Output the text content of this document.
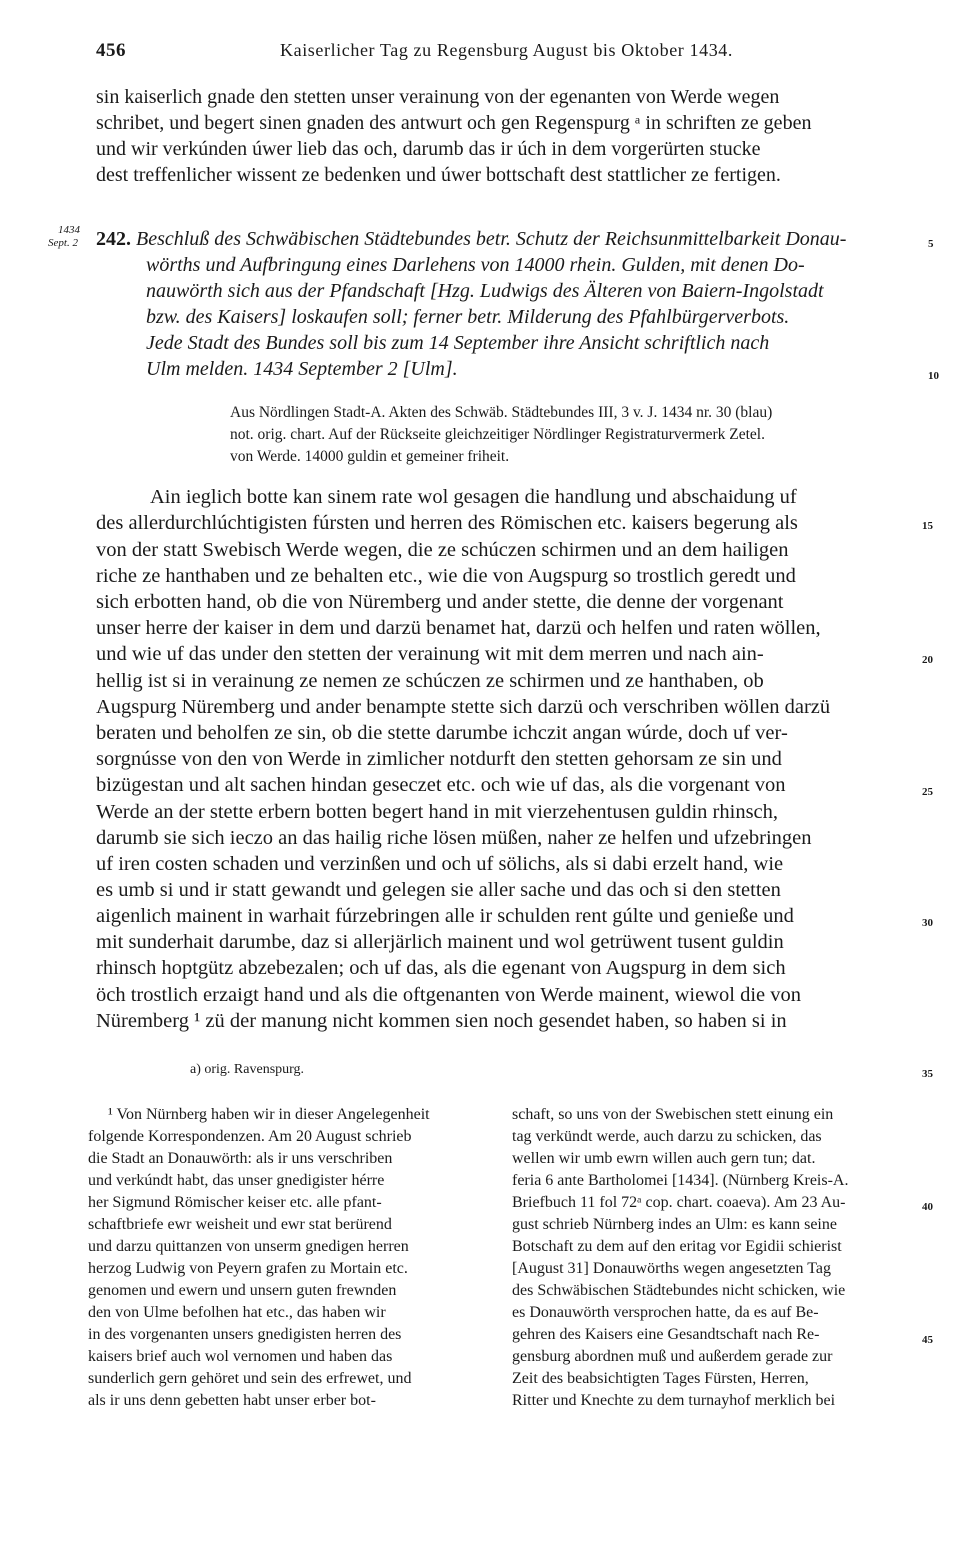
456	Kaiserlicher Tag zu Regensburg August bis Oktober 1434.
sin kaiserlich gnade den stetten unser verainung von der egenanten von Werde wegen
schribet, und begert sinen gnaden des antwurt och gen Regenspurg ᵃ in schriften ze geben
und wir verkúnden úwer lieb das och, darumb das ir úch in dem vorgerürten stucke
dest treffenlicher wissent ze bedenken und úwer bottschaft dest stattlicher ze fertigen.
1434
Sept. 2 242. Beschluß des Schwäbischen Städtebundes betr. Schutz der Reichsunmittelbarkeit Donau-
wörths und Aufbringung eines Darlehens von 14000 rhein. Gulden, mit denen Do-
nauwörth sich aus der Pfandschaft [Hzg. Ludwigs des Älteren von Baiern-Ingolstadt
bzw. des Kaisers] loskaufen soll; ferner betr. Milderung des Pfahlbürgerverbots.
Jede Stadt des Bundes soll bis zum 14 September ihre Ansicht schriftlich nach
Ulm melden. 1434 September 2 [Ulm].
Aus Nördlingen Stadt-A. Akten des Schwäb. Städtebundes III, 3 v. J. 1434 nr. 30 (blau)
not. orig. chart. Auf der Rückseite gleichzeitiger Nördlinger Registraturvermerk Zetel.
von Werde. 14000 guldin et gemeiner friheit.
Ain ieglich botte kan sinem rate wol gesagen die handlung und abschaidung uf
des allerdurchlúchtigisten fúrsten und herren des Römischen etc. kaisers begerung als
von der statt Swebisch Werde wegen, die ze schúczen schirmen und an dem hailigen
riche ze hanthaben und ze behalten etc., wie die von Augspurg so trostlich geredt und
sich erbotten hand, ob die von Nüremberg und ander stette, die denne der vorgenant
unser herre der kaiser in dem und darzü benamet hat, darzü och helfen und raten wöllen,
und wie uf das under den stetten der verainung wit mit dem merren und nach ain-
hellig ist si in verainung ze nemen ze schúczen ze schirmen und ze hanthaben, ob
Augspurg Nüremberg und ander benampte stette sich darzü och verschriben wöllen darzü
beraten und beholfen ze sin, ob die stette darumbe ichczit angan wúrde, doch uf ver-
sorgnússe von den von Werde in zimlicher notdurft den stetten gehorsam ze sin und
bizügestan und alt sachen hindan geseczet etc. och wie uf das, als die vorgenant von
Werde an der stette erbern botten begert hand in mit vierzehentusen guldin rhinsch,
darumb sie sich ieczo an das hailig riche lösen müßen, naher ze helfen und ufzebringen
uf iren costen schaden und verzinßen und och uf sölichs, als si dabi erzelt hand, wie
es umb si und ir statt gewandt und gelegen sie aller sache und das och si den stetten
aigenlich mainent in warhait fúrzebringen alle ir schulden rent gúlte und genieße und
mit sunderhait darumbe, daz si allerjärlich mainent und wol getrüwent tusent guldin
rhinsch hoptgütz abzebezalen; och uf das, als die egenant von Augspurg in dem sich
öch trostlich erzaigt hand und als die oftgenanten von Werde mainent, wiewol die von
Nüremberg ¹ zü der manung nicht kommen sien noch gesendet haben, so haben si in
a) orig. Ravenspurg.
5
10
15
20
25
30
35
40
45
¹ Von Nürnberg haben wir in dieser Angelegenheit
folgende Korrespondenzen. Am 20 August schrieb
die Stadt an Donauwörth: als ir uns verschriben
und verkúndt habt, das unser gnedigister hérre
her Sigmund Römischer keiser etc. alle pfant-
schaftbriefe ewr weisheit und ewr stat berürend
und darzu quittanzen von unserm gnedigen herren
herzog Ludwig von Peyern grafen zu Mortain etc.
genomen und ewern und unsern guten frewnden
den von Ulme befolhen hat etc., das haben wir
in des vorgenanten unsers gnedigisten herren des
kaisers brief auch wol vernomen und haben das
sunderlich gern gehöret und sein des erfrewet, und
als ir uns denn gebetten habt unser erber bot-
schaft, so uns von der Swebischen stett einung ein
tag verkündt werde, auch darzu zu schicken, das
wellen wir umb ewrn willen auch gern tun; dat.
feria 6 ante Bartholomei [1434]. (Nürnberg Kreis-A.
Briefbuch 11 fol 72ᵃ cop. chart. coaeva). Am 23 Au-
gust schrieb Nürnberg indes an Ulm: es kann seine
Botschaft zu dem auf den eritag vor Egidii schierist
[August 31] Donauwörths wegen angesetzten Tag
des Schwäbischen Städtebundes nicht schicken, wie
es Donauwörth versprochen hatte, da es auf Be-
gehren des Kaisers eine Gesandtschaft nach Re-
gensburg abordnen muß und außerdem gerade zur
Zeit des beabsichtigten Tages Fürsten, Herren,
Ritter und Knechte zu dem turnayhof merklich bei
